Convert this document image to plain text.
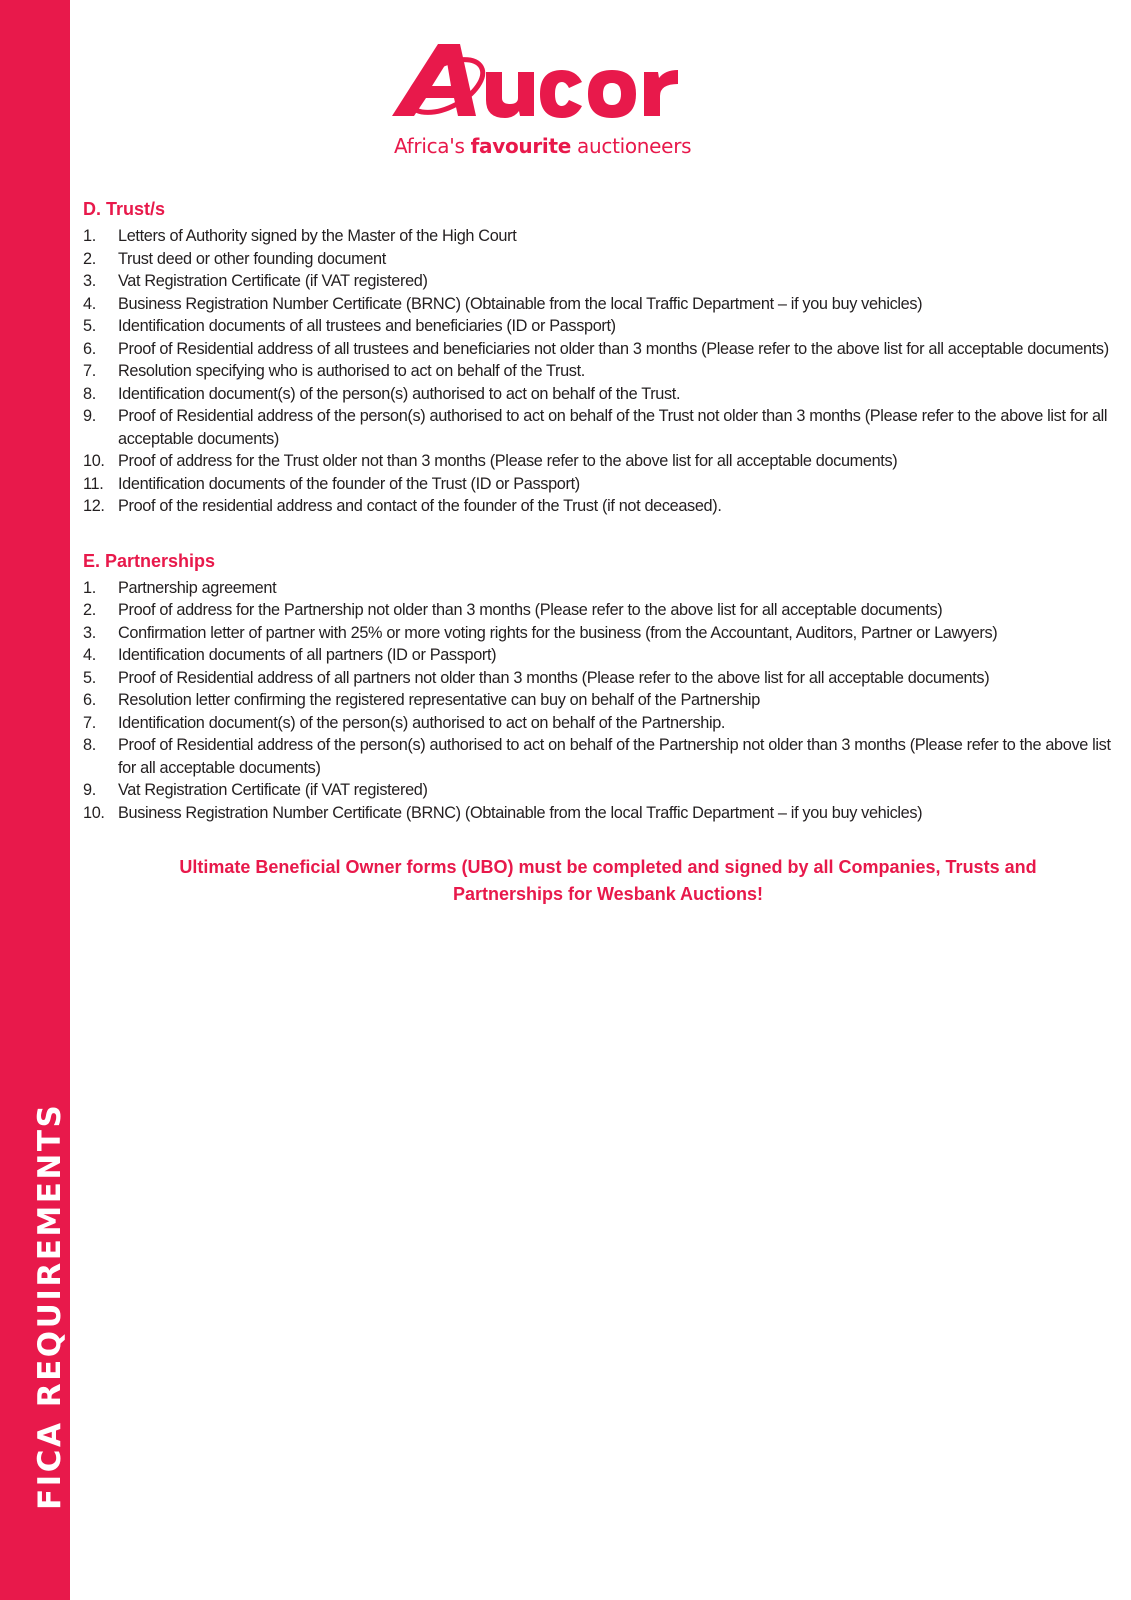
FICA REQUIREMENTS
Africa's favourite auctioneers
D. Trust/s
1.	Letters of Authority signed by the Master of the High Court
2.	Trust deed or other founding document
3.	Vat Registration Certificate (if VAT registered)
4.	Business Registration Number Certificate (BRNC) (Obtainable from the local Traffic Department – if you buy vehicles)
5.	Identification documents of all trustees and beneficiaries (ID or Passport)
6.	Proof of Residential address of all trustees and beneficiaries not older than 3 months (Please refer to the above list for all acceptable documents)
7.	Resolution specifying who is authorised to act on behalf of the Trust.
8.	Identification document(s) of the person(s) authorised to act on behalf of the Trust.
9.	Proof of Residential address of the person(s) authorised to act on behalf of the Trust not older than 3 months (Please refer to the above list for all acceptable documents)
10. Proof of address for the Trust older not than 3 months (Please refer to the above list for all acceptable documents)
11. Identification documents of the founder of the Trust (ID or Passport)
12. Proof of the residential address and contact of the founder of the Trust (if not deceased).
E. Partnerships
1.	Partnership agreement
2.	Proof of address for the Partnership not older than 3 months (Please refer to the above list for all acceptable documents)
3.	Confirmation letter of partner with 25% or more voting rights for the business (from the Accountant, Auditors, Partner or Lawyers)
4.	Identification documents of all partners (ID or Passport)
5.	Proof of Residential address of all partners not older than 3 months (Please refer to the above list for all acceptable documents)
6.	Resolution letter confirming the registered representative can buy on behalf of the Partnership
7.	Identification document(s) of the person(s) authorised to act on behalf of the Partnership.
8.	Proof of Residential address of the person(s) authorised to act on behalf of the Partnership not older than 3 months (Please refer to the above list for all acceptable documents)
9.	Vat Registration Certificate (if VAT registered)
10. Business Registration Number Certificate (BRNC) (Obtainable from the local Traffic Department – if you buy vehicles)
Ultimate Beneficial Owner forms (UBO) must be completed and signed by all Companies, Trusts and
Partnerships for Wesbank Auctions!
